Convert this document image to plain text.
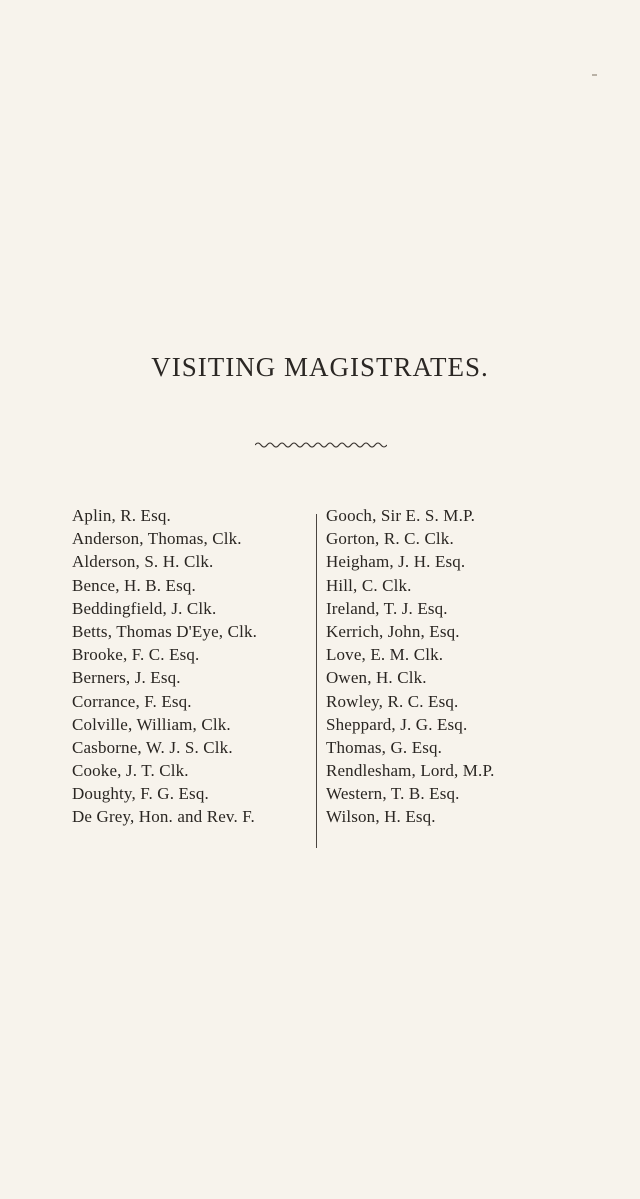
VISITING MAGISTRATES.
Aplin, R. Esq.
Anderson, Thomas, Clk.
Alderson, S. H. Clk.
Bence, H. B. Esq.
Beddingfield, J. Clk.
Betts, Thomas D'Eye, Clk.
Brooke, F. C. Esq.
Berners, J. Esq.
Corrance, F. Esq.
Colville, William, Clk.
Casborne, W. J. S. Clk.
Cooke, J. T. Clk.
Doughty, F. G. Esq.
De Grey, Hon. and Rev. F.
Gooch, Sir E. S. M.P.
Gorton, R. C. Clk.
Heigham, J. H. Esq.
Hill, C. Clk.
Ireland, T. J. Esq.
Kerrich, John, Esq.
Love, E. M. Clk.
Owen, H. Clk.
Rowley, R. C. Esq.
Sheppard, J. G. Esq.
Thomas, G. Esq.
Rendlesham, Lord, M.P.
Western, T. B. Esq.
Wilson, H. Esq.
